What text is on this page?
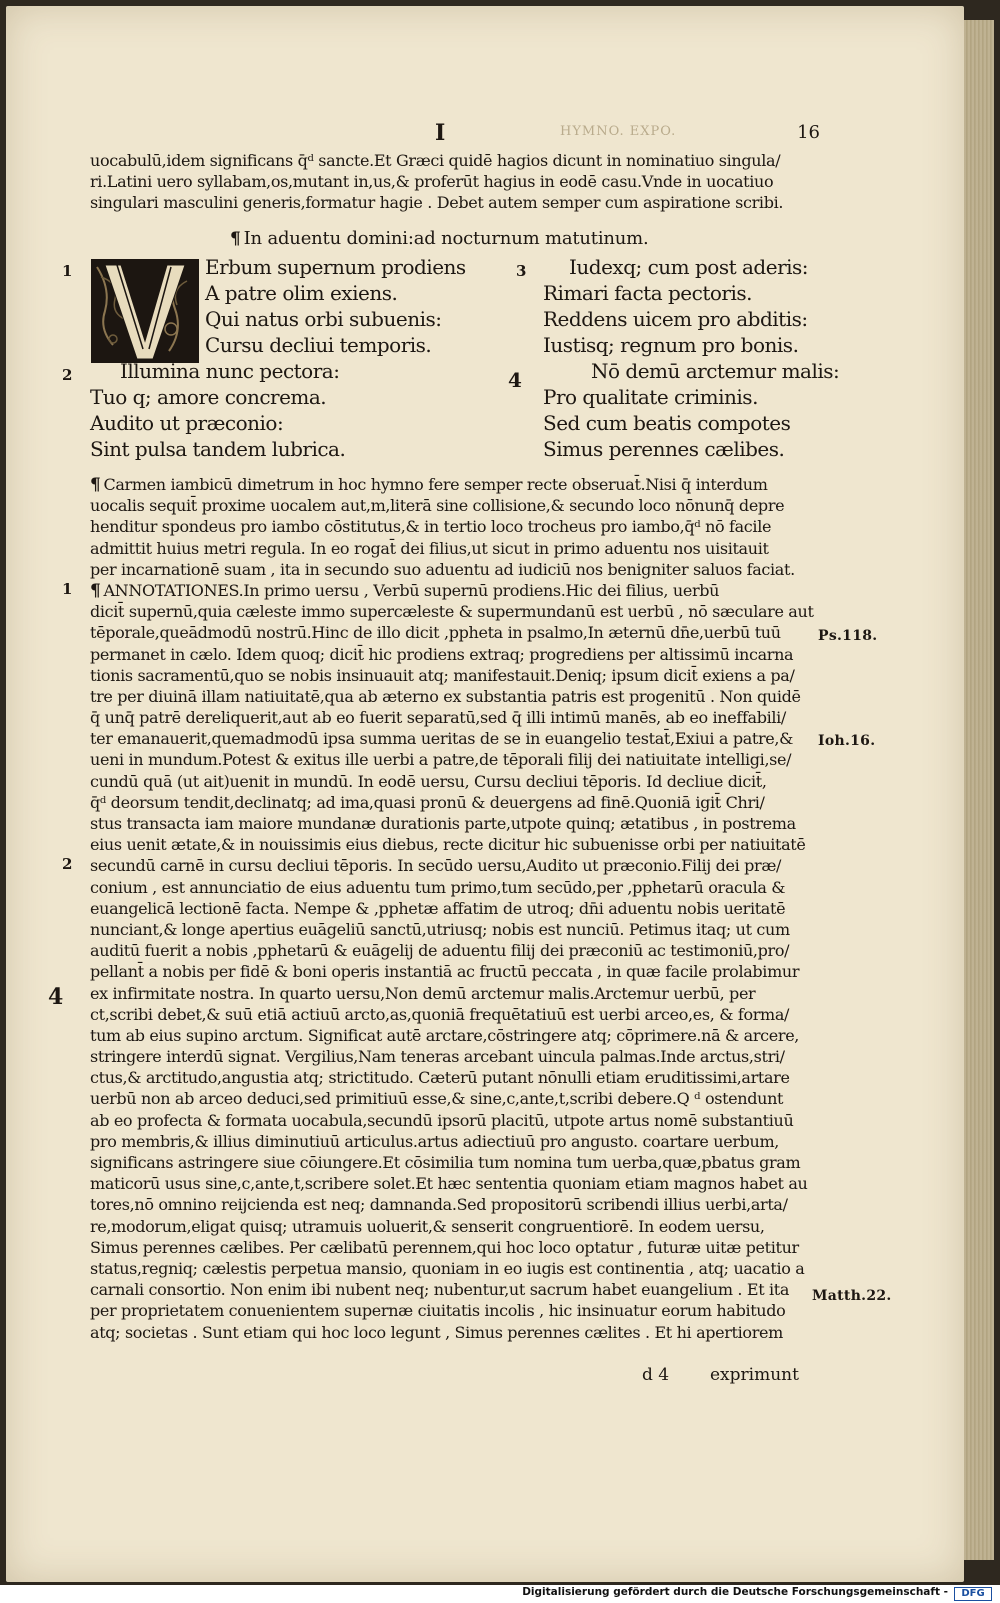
I	HYMNO. EXPO.	16
uocabulū,idem significans q̄ᵈ sancte.Et Græci quidē hagios dicunt in nominatiuo singula/
ri.Latini uero syllabam,os,mutant in,us,& proferūt hagius in eodē casu.Vnde in uocatiuo
singulari masculini generis,formatur hagie . Debet autem semper cum aspiratione scribi.
¶ In aduentu domini:ad nocturnum matutinum.
Erbum supernum prodiens
A patre olim exiens.
Qui natus orbi subuenis:
Cursu decliui temporis.
Illumina nunc pectora:
Tuo q; amore concrema.
Audito ut præconio:
Sint pulsa tandem lubrica.
Iudexq; cum post aderis:
Rimari facta pectoris.
Reddens uicem pro abditis:
Iustisq; regnum pro bonis.
Nō demū arctemur malis:
Pro qualitate criminis.
Sed cum beatis compotes
Simus perennes cælibes.
1
2
3
4
¶ Carmen iambicū dimetrum in hoc hymno fere semper recte obseruat̄.Nisi q̄ interdum
uocalis sequit̄ proxime uocalem aut,m,literā sine collisione,& secundo loco nōnunq̄ depre
henditur spondeus pro iambo cōstitutus,& in tertio loco trocheus pro iambo,q̄ᵈ nō facile
admittit huius metri regula. In eo rogat̄ dei filius,ut sicut in primo aduentu nos uisitauit
per incarnationē suam , ita in secundo suo aduentu ad iudiciū nos benigniter saluos faciat.
¶ ANNOTATIONES.In primo uersu , Verbū supernū prodiens.Hic dei filius, uerbū
dicit̄ supernū,quia cæleste immo supercæleste & supermundanū est uerbū , nō sæculare aut
tēporale,queādmodū nostrū.Hinc de illo dicit ,ppheta in psalmo,In æternū dn̄e,uerbū tuū
permanet in cælo. Idem quoq; dicit̄ hic prodiens extraq; progrediens per altissimū incarna
tionis sacramentū,quo se nobis insinuauit atq; manifestauit.Deniq; ipsum dicit̄ exiens a pa/
tre per diuinā illam natiuitatē,qua ab æterno ex substantia patris est progenitū . Non quidē
q̄ unq̄ patrē dereliquerit,aut ab eo fuerit separatū,sed q̄ illi intimū manēs, ab eo ineffabili/
ter emanauerit,quemadmodū ipsa summa ueritas de se in euangelio testat̄,Exiui a patre,&
ueni in mundum.Potest & exitus ille uerbi a patre,de tēporali filij dei natiuitate intelligi,se/
cundū quā (ut ait)uenit in mundū. In eodē uersu, Cursu decliui tēporis. Id decliue dicit̄,
q̄ᵈ deorsum tendit,declinatq; ad ima,quasi pronū & deuergens ad finē.Quoniā igit̄ Chri/
stus transacta iam maiore mundanæ durationis parte,utpote quinq; ætatibus , in postrema
eius uenit ætate,& in nouissimis eius diebus, recte dicitur hic subuenisse orbi per natiuitatē
secundū carnē in cursu decliui tēporis. In secūdo uersu,Audito ut præconio.Filij dei præ/
conium , est annunciatio de eius aduentu tum primo,tum secūdo,per ,pphetarū oracula &
euangelicā lectionē facta. Nempe & ,pphetæ affatim de utroq; dn̄i aduentu nobis ueritatē
nunciant,& longe apertius euāgeliū sanctū,utriusq; nobis est nunciū. Petimus itaq; ut cum
auditū fuerit a nobis ,pphetarū & euāgelij de aduentu filij dei præconiū ac testimoniū,pro/
pellant̄ a nobis per fidē & boni operis instantiā ac fructū peccata , in quæ facile prolabimur
ex infirmitate nostra. In quarto uersu,Non demū arctemur malis.Arctemur uerbū, per
ct,scribi debet,& suū etiā actiuū arcto,as,quoniā frequētatiuū est uerbi arceo,es, & forma/
tum ab eius supino arctum. Significat autē arctare,cōstringere atq; cōprimere.nā & arcere,
stringere interdū signat. Vergilius,Nam teneras arcebant uincula palmas.Inde arctus,stri/
ctus,& arctitudo,angustia atq; strictitudo. Cæterū putant nōnulli etiam eruditissimi,artare
uerbū non ab arceo deduci,sed primitiuū esse,& sine,c,ante,t,scribi debere.Q ᵈ ostendunt
ab eo profecta & formata uocabula,secundū ipsorū placitū, utpote artus nomē substantiuū
pro membris,& illius diminutiuū articulus.artus adiectiuū pro angusto. coartare uerbum,
significans astringere siue cōiungere.Et cōsimilia tum nomina tum uerba,quæ,pbatus gram
maticorū usus sine,c,ante,t,scribere solet.Et hæc sententia quoniam etiam magnos habet au
tores,nō omnino reijcienda est neq; damnanda.Sed propositorū scribendi illius uerbi,arta/
re,modorum,eligat quisq; utramuis uoluerit,& senserit congruentiorē. In eodem uersu,
Simus perennes cælibes. Per cælibatū perennem,qui hoc loco optatur , futuræ uitæ petitur
status,regniq; cælestis perpetua mansio, quoniam in eo iugis est continentia , atq; uacatio a
carnali consortio. Non enim ibi nubent neq; nubentur,ut sacrum habet euangelium . Et ita
per proprietatem conuenientem supernæ ciuitatis incolis , hic insinuatur eorum habitudo
atq; societas . Sunt etiam qui hoc loco legunt , Simus perennes cælites . Et hi apertiorem
1
2
4
Ps.118.
Ioh.16.
Matth.22.
d 4 exprimunt
Digitalisierung gefördert durch die Deutsche Forschungsgemeinschaft -	DFG
